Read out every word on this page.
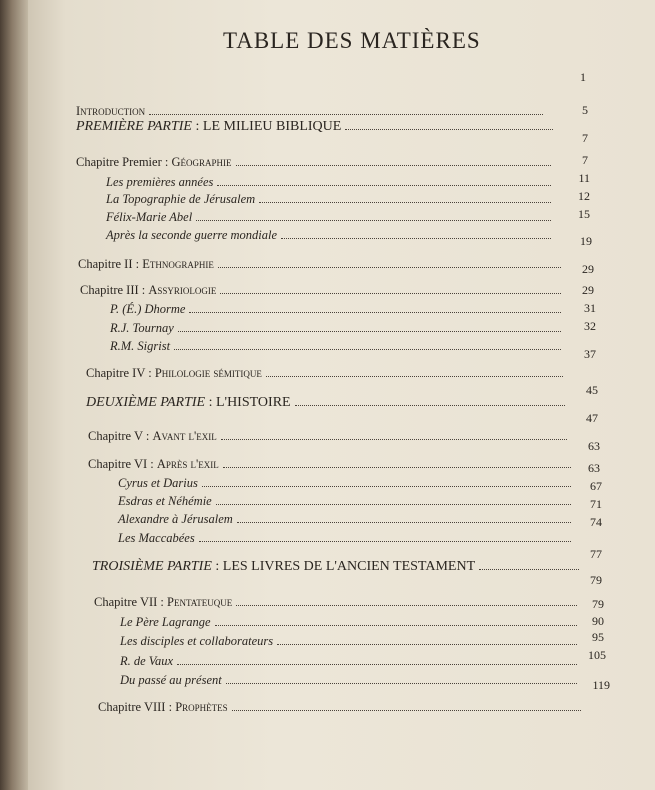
TABLE DES MATIÈRES
Introduction
PREMIÈRE PARTIE : LE MILIEU BIBLIQUE
Chapitre Premier : Géographie
Les premières années
La Topographie de Jérusalem
Félix-Marie Abel
Après la seconde guerre mondiale
Chapitre II : Ethnographie
Chapitre III : Assyriologie
P. (É.) Dhorme
R.J. Tournay
R.M. Sigrist
Chapitre IV : Philologie sémitique
DEUXIÈME PARTIE : L'HISTOIRE
Chapitre V : Avant l'exil
Chapitre VI : Après l'exil
Cyrus et Darius
Esdras et Néhémie
Alexandre à Jérusalem
Les Maccabées
TROISIÈME PARTIE : LES LIVRES DE L'ANCIEN TESTAMENT
Chapitre VII : Pentateuque
Le Père Lagrange
Les disciples et collaborateurs
R. de Vaux
Du passé au présent
Chapitre VIII : Prophètes
1
5
7
7
11
12
15
19
29
29
31
32
37
45
47
63
63
67
71
74
77
79
79
90
95
105
119
